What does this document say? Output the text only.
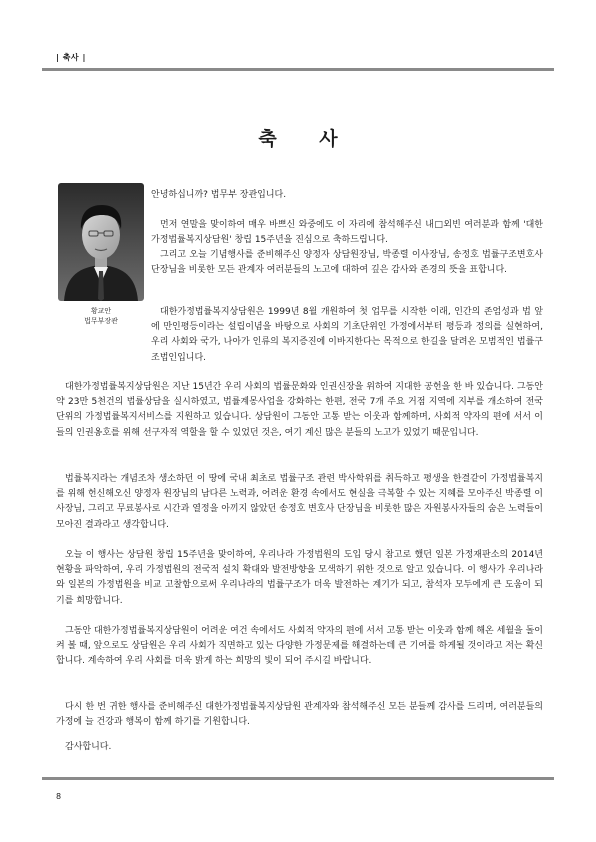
| 축사 |
축 사
황교안
법무부장관

안녕하십니까? 법무부 장관입니다.

먼저 연말을 맞이하여 매우 바쁘신 와중에도 이 자리에 참석해주신 내□외빈 여러분과 함께 '대한가정법률복지상담원' 창립 15주년을 진심으로 축하드립니다.

그리고 오늘 기념행사를 준비해주신 양정자 상담원장님, 박종렬 이사장님, 송정호 법률구조변호사 단장님을 비롯한 모든 관계자 여러분들의 노고에 대하여 깊은 감사와 존경의 뜻을 표합니다.

대한가정법률복지상담원은 1999년 8월 개원하여 첫 업무를 시작한 이래, 인간의 존엄성과 법 앞에 만인평등이라는 설립이념을 바탕으로 사회의 기초단위인 가정에서부터 평등과 정의를 실현하여, 우리 사회와 국가, 나아가 인류의 복지증진에 이바지한다는 목적으로 한길을 달려온 모범적인 법률구조법인입니다.

대한가정법률복지상담원은 지난 15년간 우리 사회의 법률문화와 인권신장을 위하여 지대한 공헌을 한 바 있습니다. 그동안 약 23만 5천건의 법률상담을 실시하였고, 법률계몽사업을 강화하는 한편, 전국 7개 주요 거점 지역에 지부를 개소하여 전국 단위의 가정법률복지서비스를 지원하고 있습니다. 상담원이 그동안 고통 받는 이웃과 함께하며, 사회적 약자의 편에 서서 이들의 인권옹호를 위해 선구자적 역할을 할 수 있었던 것은, 여기 계신 많은 분들의 노고가 있었기 때문입니다.

법률복지라는 개념조차 생소하던 이 땅에 국내 최초로 법률구조 관련 박사학위를 취득하고 평생을 한결같이 가정법률복지를 위해 헌신해오신 양정자 원장님의 남다른 노력과, 어려운 환경 속에서도 현실을 극복할 수 있는 지혜를 모아주신 박종렬 이사장님, 그리고 무료봉사로 시간과 열정을 아끼지 않았던 송정호 변호사 단장님을 비롯한 많은 자원봉사자들의 숨은 노력들이 모아진 결과라고 생각합니다.

오늘 이 행사는 상담원 창립 15주년을 맞이하여, 우리나라 가정법원의 도입 당시 참고로 했던 일본 가정재판소의 2014년 현황을 파악하여, 우리 가정법원의 전국적 설치 확대와 발전방향을 모색하기 위한 것으로 알고 있습니다. 이 행사가 우리나라와 일본의 가정법원을 비교 고찰함으로써 우리나라의 법률구조가 더욱 발전하는 계기가 되고, 참석자 모두에게 큰 도움이 되기를 희망합니다.

그동안 대한가정법률복지상담원이 어려운 여건 속에서도 사회적 약자의 편에 서서 고통 받는 이웃과 함께 해온 세월을 돌이켜 볼 때, 앞으로도 상담원은 우리 사회가 직면하고 있는 다양한 가정문제를 해결하는데 큰 기여를 하게될 것이라고 저는 확신합니다. 계속하여 우리 사회를 더욱 밝게 하는 희망의 빛이 되어 주시길 바랍니다.

다시 한 번 귀한 행사를 준비해주신 대한가정법률복지상담원 관계자와 참석해주신 모든 분들께 감사를 드리며, 여러분들의 가정에 늘 건강과 행복이 함께 하기를 기원합니다.

감사합니다.

8
